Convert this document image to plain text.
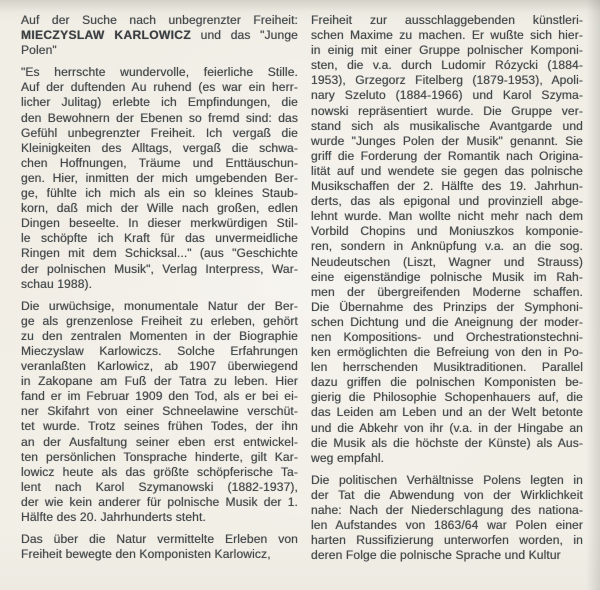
Auf der Suche nach unbegrenzter Freiheit:
MIECZYSLAW KARLOWICZ und das "Junge
Polen"
"Es herrschte wundervolle, feierliche Stille.
Auf der duftenden Au ruhend (es war ein herr-
licher Julitag) erlebte ich Empfindungen, die
den Bewohnern der Ebenen so fremd sind: das
Gefühl unbegrenzter Freiheit. Ich vergaß die
Kleinigkeiten des Alltags, vergaß die schwa-
chen Hoffnungen, Träume und Enttäuschun-
gen. Hier, inmitten der mich umgebenden Ber-
ge, fühlte ich mich als ein so kleines Staub-
korn, daß mich der Wille nach großen, edlen
Dingen beseelte. In dieser merkwürdigen Stil-
le schöpfte ich Kraft für das unvermeidliche
Ringen mit dem Schicksal..." (aus "Geschichte
der polnischen Musik", Verlag Interpress, War-
schau 1988).
Die urwüchsige, monumentale Natur der Ber-
ge als grenzenlose Freiheit zu erleben, gehört
zu den zentralen Momenten in der Biographie
Mieczyslaw Karlowiczs. Solche Erfahrungen
veranlaßten Karlowicz, ab 1907 überwiegend
in Zakopane am Fuß der Tatra zu leben. Hier
fand er im Februar 1909 den Tod, als er bei ei-
ner Skifahrt von einer Schneelawine verschüt-
tet wurde. Trotz seines frühen Todes, der ihn
an der Ausfaltung seiner eben erst entwickel-
ten persönlichen Tonsprache hinderte, gilt Kar-
lowicz heute als das größte schöpferische Ta-
lent nach Karol Szymanowski (1882-1937),
der wie kein anderer für polnische Musik der 1.
Hälfte des 20. Jahrhunderts steht.
Das über die Natur vermittelte Erleben von
Freiheit bewegte den Komponisten Karlowicz,
Freiheit zur ausschlaggebenden künstleri-
schen Maxime zu machen. Er wußte sich hier-
in einig mit einer Gruppe polnischer Komponi-
sten, die v.a. durch Ludomir Rózycki (1884-
1953), Grzegorz Fitelberg (1879-1953), Apoli-
nary Szeluto (1884-1966) und Karol Szyma-
nowski repräsentiert wurde. Die Gruppe ver-
stand sich als musikalische Avantgarde und
wurde "Junges Polen der Musik" genannt. Sie
griff die Forderung der Romantik nach Origina-
lität auf und wendete sie gegen das polnische
Musikschaffen der 2. Hälfte des 19. Jahrhun-
derts, das als epigonal und provinziell abge-
lehnt wurde. Man wollte nicht mehr nach dem
Vorbild Chopins und Moniuszkos komponie-
ren, sondern in Anknüpfung v.a. an die sog.
Neudeutschen (Liszt, Wagner und Strauss)
eine eigenständige polnische Musik im Rah-
men der übergreifenden Moderne schaffen.
Die Übernahme des Prinzips der Symphoni-
schen Dichtung und die Aneignung der moder-
nen Kompositions- und Orchestrationstechni-
ken ermöglichten die Befreiung von den in Po-
len herrschenden Musiktraditionen. Parallel
dazu griffen die polnischen Komponisten be-
gierig die Philosophie Schopenhauers auf, die
das Leiden am Leben und an der Welt betonte
und die Abkehr von ihr (v.a. in der Hingabe an
die Musik als die höchste der Künste) als Aus-
weg empfahl.
Die politischen Verhältnisse Polens legten in
der Tat die Abwendung von der Wirklichkeit
nahe: Nach der Niederschlagung des nationa-
len Aufstandes von 1863/64 war Polen einer
harten Russifizierung unterworfen worden, in
deren Folge die polnische Sprache und Kultur
